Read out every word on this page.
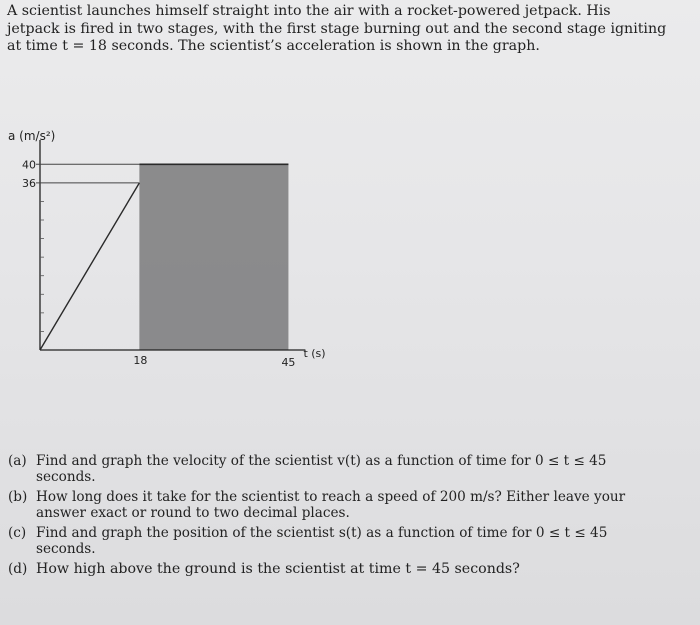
A scientist launches himself straight into the air with a rocket-powered jetpack. His jetpack is fired in two stages, with the first stage burning out and the second stage igniting at time t = 18 seconds. The scientist’s acceleration is shown in the graph.

a (m/s²)
40
36
18	45
t (s)
(a) Find and graph the velocity of the scientist v(t) as a function of time for 0 ≤ t ≤ 45 seconds.
(b) How long does it take for the scientist to reach a speed of 200 m/s? Either leave your answer exact or round to two decimal places.
(c) Find and graph the position of the scientist s(t) as a function of time for 0 ≤ t ≤ 45 seconds.
(d) How high above the ground is the scientist at time t = 45 seconds?
